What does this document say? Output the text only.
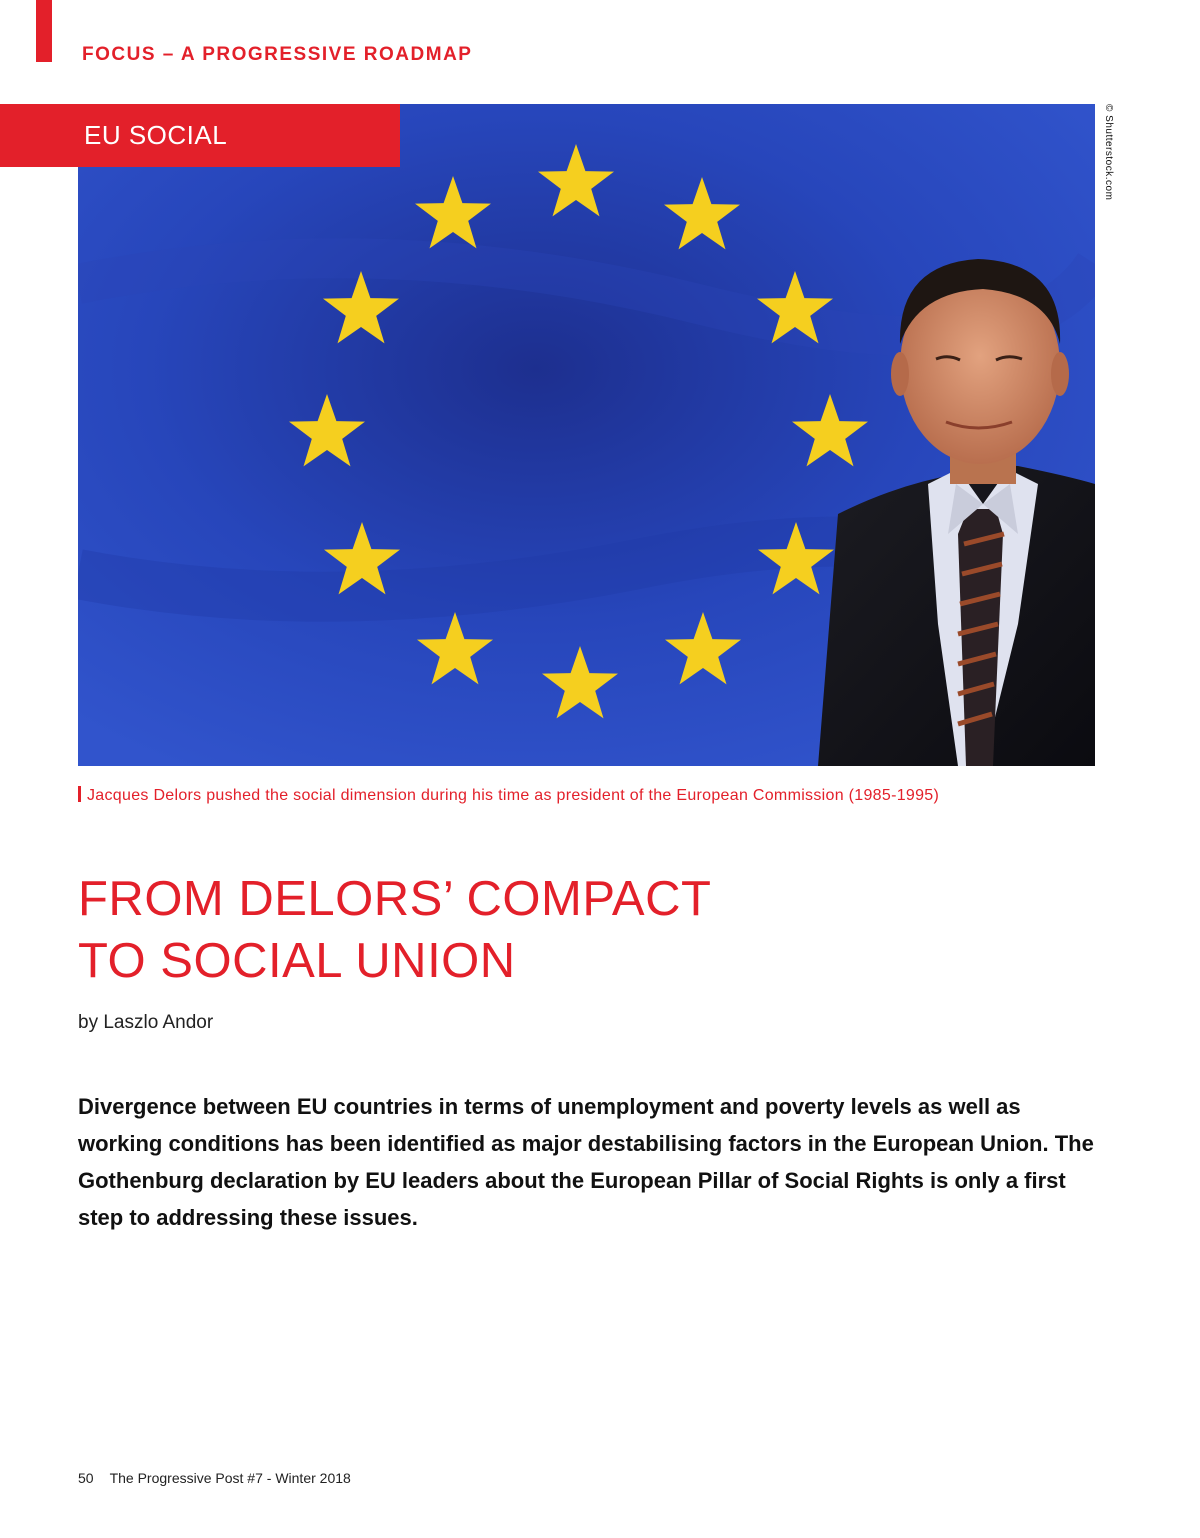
FOCUS – A PROGRESSIVE ROADMAP
EU SOCIAL	© Shutterstock.com
Jacques Delors pushed the social dimension during his time as president of the European Commission (1985-1995)
FROM DELORS’ COMPACT
TO SOCIAL UNION
by Laszlo Andor

Divergence between EU countries in terms of unemployment and poverty levels as well as working conditions has been identified as major destabilising factors in the European Union. The Gothenburg declaration by EU leaders about the European Pillar of Social Rights is only a first step to addressing these issues.

50 The Progressive Post #7 - Winter 2018
